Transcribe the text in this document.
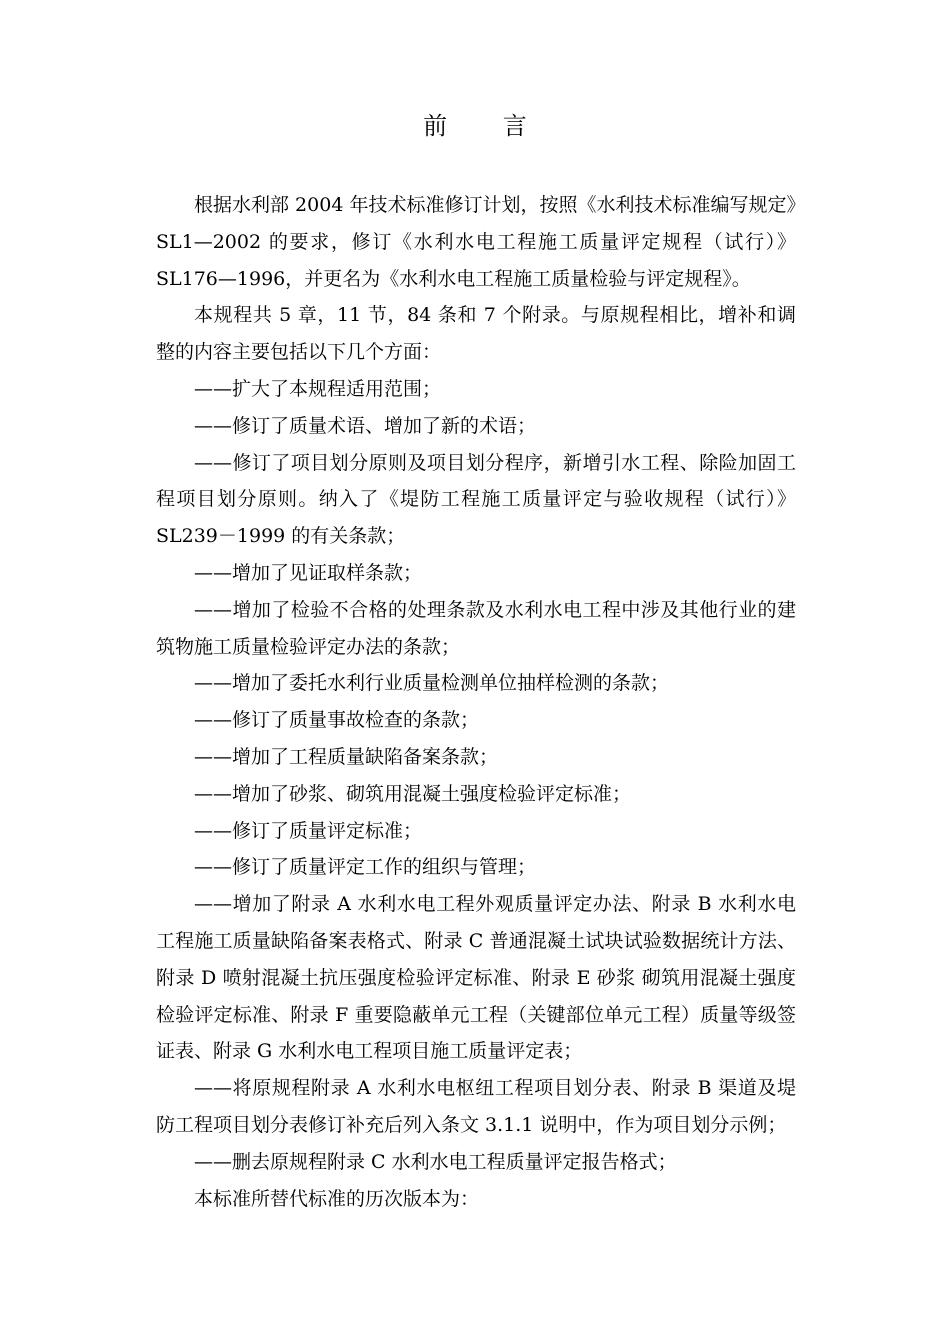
前 言

根据水利部 2004 年技术标准修订计划，按照《水利技术标准编写规定》SL1—2002 的要求，修订《水利水电工程施工质量评定规程（试行）》SL176—1996，并更名为《水利水电工程施工质量检验与评定规程》。

本规程共 5 章，11 节，84 条和 7 个附录。与原规程相比，增补和调整的内容主要包括以下几个方面：

——扩大了本规程适用范围；

——修订了质量术语、增加了新的术语；

——修订了项目划分原则及项目划分程序，新增引水工程、除险加固工程项目划分原则。纳入了《堤防工程施工质量评定与验收规程（试行）》SL239－1999 的有关条款；

——增加了见证取样条款；

——增加了检验不合格的处理条款及水利水电工程中涉及其他行业的建筑物施工质量检验评定办法的条款；

——增加了委托水利行业质量检测单位抽样检测的条款；

——修订了质量事故检查的条款；

——增加了工程质量缺陷备案条款；

——增加了砂浆、砌筑用混凝土强度检验评定标准；

——修订了质量评定标准；

——修订了质量评定工作的组织与管理；

——增加了附录 A 水利水电工程外观质量评定办法、附录 B 水利水电工程施工质量缺陷备案表格式、附录 C 普通混凝土试块试验数据统计方法、附录 D 喷射混凝土抗压强度检验评定标准、附录 E 砂浆 砌筑用混凝土强度检验评定标准、附录 F 重要隐蔽单元工程（关键部位单元工程）质量等级签证表、附录 G 水利水电工程项目施工质量评定表；

——将原规程附录 A 水利水电枢纽工程项目划分表、附录 B 渠道及堤防工程项目划分表修订补充后列入条文 3.1.1 说明中，作为项目划分示例；

——删去原规程附录 C 水利水电工程质量评定报告格式；

本标准所替代标准的历次版本为：
